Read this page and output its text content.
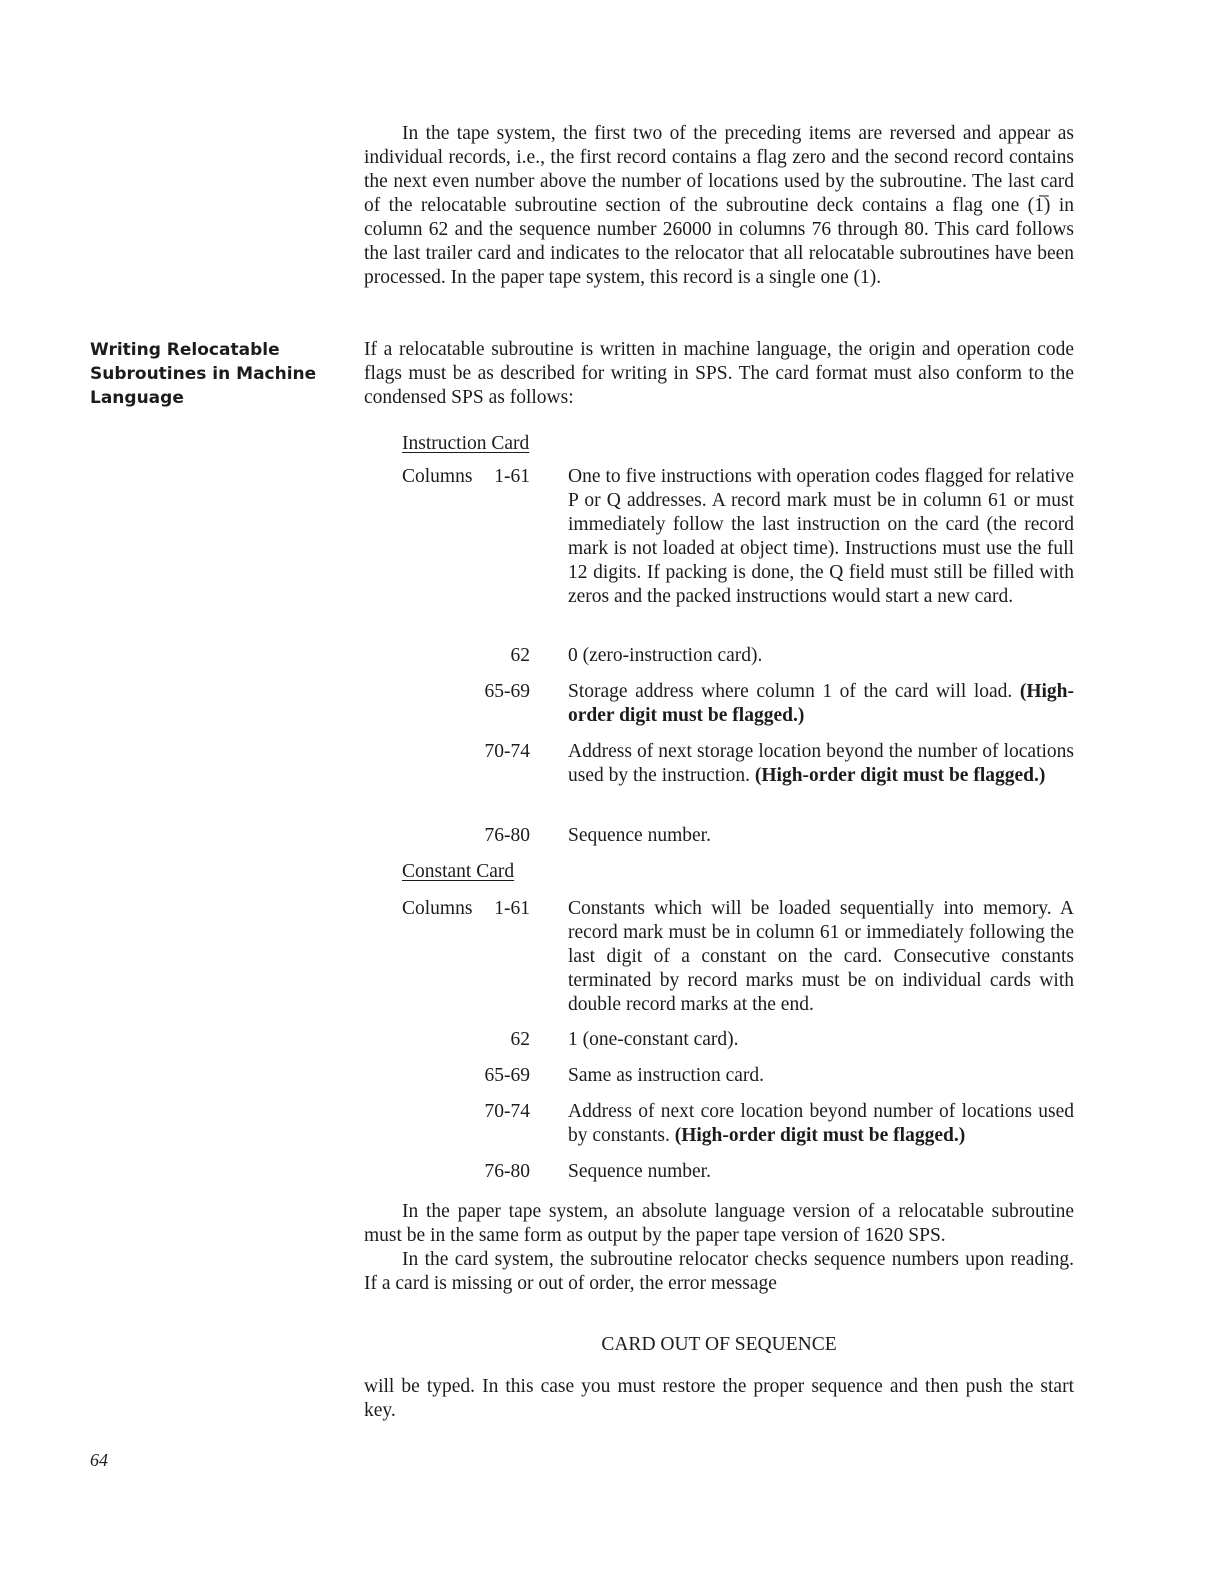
In the tape system, the first two of the preceding items are reversed and appear as individual records, i.e., the first record contains a flag zero and the second record contains the next even number above the number of locations used by the subroutine. The last card of the relocatable subroutine section of the subroutine deck contains a flag one (1̅) in column 62 and the sequence number 26000 in columns 76 through 80. This card follows the last trailer card and indicates to the relocator that all relocatable subroutines have been processed. In the paper tape system, this record is a single one (1).

Writing Relocatable Subroutines in Machine Language

If a relocatable subroutine is written in machine language, the origin and operation code flags must be as described for writing in SPS. The card format must also conform to the condensed SPS as follows:

Instruction Card
Columns 1-61 One to five instructions with operation codes flagged for relative P or Q addresses. A record mark must be in column 61 or must immediately follow the last instruction on the card (the record mark is not loaded at object time). Instructions must use the full 12 digits. If packing is done, the Q field must still be filled with zeros and the packed instructions would start a new card.
62 0 (zero-instruction card).
65-69 Storage address where column 1 of the card will load. (High-order digit must be flagged.)
70-74 Address of next storage location beyond the number of locations used by the instruction. (High-order digit must be flagged.)
76-80 Sequence number.
Constant Card
Columns 1-61 Constants which will be loaded sequentially into memory. A record mark must be in column 61 or immediately following the last digit of a constant on the card. Consecutive constants terminated by record marks must be on individual cards with double record marks at the end.
62 1 (one-constant card).
65-69 Same as instruction card.
70-74 Address of next core location beyond number of locations used by constants. (High-order digit must be flagged.)
76-80 Sequence number.

In the paper tape system, an absolute language version of a relocatable subroutine must be in the same form as output by the paper tape version of 1620 SPS.

In the card system, the subroutine relocator checks sequence numbers upon reading. If a card is missing or out of order, the error message

CARD OUT OF SEQUENCE

will be typed. In this case you must restore the proper sequence and then push the start key.

64
